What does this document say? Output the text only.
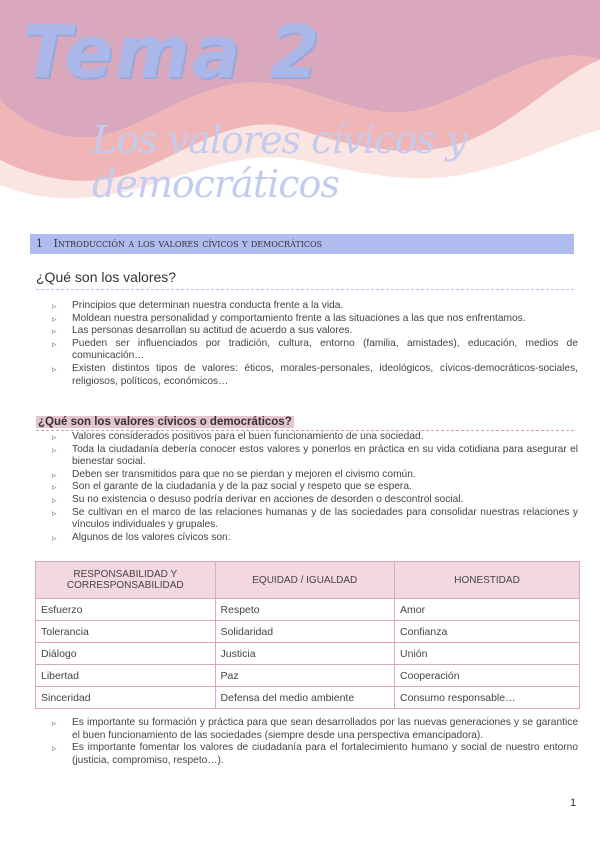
Tema 2
Los valores cívicos y democráticos
1 Introducción a los valores cívicos y democráticos
¿Qué son los valores?
▹ Principios que determinan nuestra conducta frente a la vida.
▹ Moldean nuestra personalidad y comportamiento frente a las situaciones a las que nos enfrentamos.
▹ Las personas desarrollan su actitud de acuerdo a sus valores.
▹ Pueden ser influenciados por tradición, cultura, entorno (familia, amistades), educación, medios de comunicación…
▹ Existen distintos tipos de valores: éticos, morales-personales, ideológicos, cívicos-democráticos-sociales, religiosos, políticos, económicos…
¿Qué son los valores cívicos o democráticos?
▹ Valores considerados positivos para el buen funcionamiento de una sociedad.
▹ Toda la ciudadanía debería conocer estos valores y ponerlos en práctica en su vida cotidiana para asegurar el bienestar social.
▹ Deben ser transmitidos para que no se pierdan y mejoren el civismo común.
▹ Son el garante de la ciudadanía y de la paz social y respeto que se espera.
▹ Su no existencia o desuso podría derivar en acciones de desorden o descontrol social.
▹ Se cultivan en el marco de las relaciones humanas y de las sociedades para consolidar nuestras relaciones y vínculos individuales y grupales.
▹ Algunos de los valores cívicos son:
RESPONSABILIDAD Y CORRESPONSABILIDAD	EQUIDAD / IGUALDAD	HONESTIDAD
Esfuerzo	Respeto	Amor
Tolerancia	Solidaridad	Confianza
Diálogo	Justicia	Unión
Libertad	Paz	Cooperación
Sinceridad	Defensa del medio ambiente	Consumo responsable…
▹ Es importante su formación y práctica para que sean desarrollados por las nuevas generaciones y se garantice el buen funcionamiento de las sociedades (siempre desde una perspectiva emancipadora).
▹ Es importante fomentar los valores de ciudadanía para el fortalecimiento humano y social de nuestro entorno (justicia, compromiso, respeto…).
1
